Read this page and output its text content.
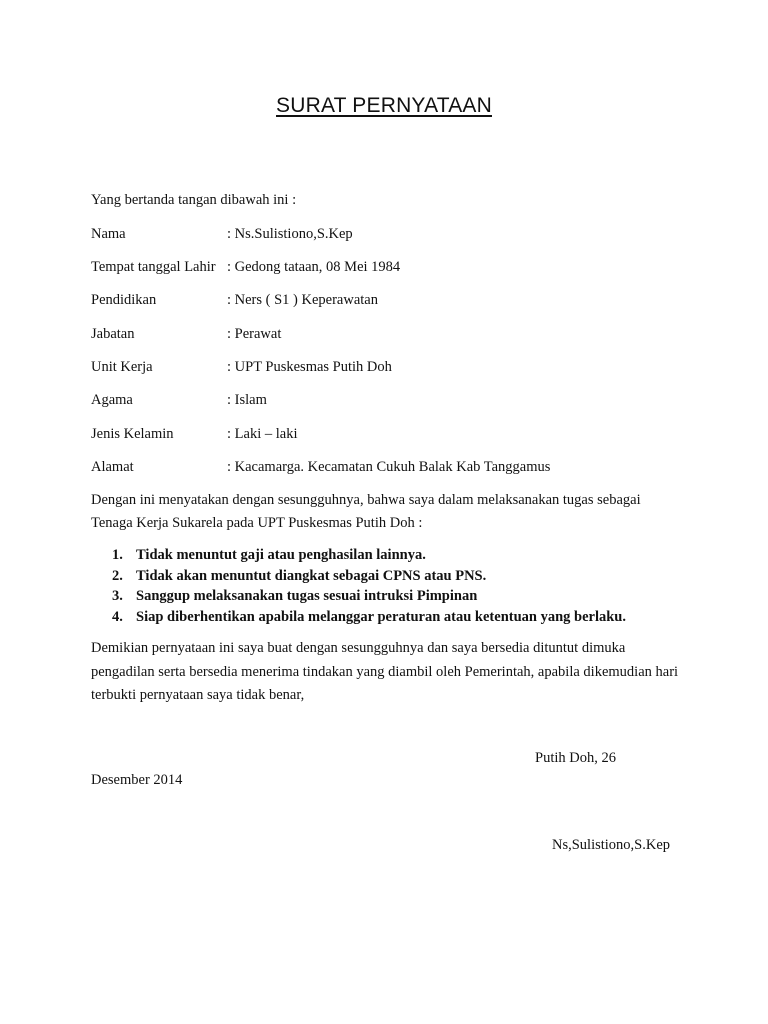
SURAT PERNYATAAN
Yang bertanda tangan dibawah ini :
Nama	: Ns.Sulistiono,S.Kep
Tempat tanggal Lahir : Gedong tataan, 08 Mei 1984
Pendidikan	: Ners ( S1 ) Keperawatan
Jabatan	: Perawat
Unit Kerja	: UPT Puskesmas Putih Doh
Agama	: Islam
Jenis Kelamin	: Laki – laki
Alamat	: Kacamarga. Kecamatan Cukuh Balak Kab Tanggamus
Dengan ini menyatakan dengan sesungguhnya, bahwa saya dalam melaksanakan tugas sebagai Tenaga Kerja Sukarela pada UPT Puskesmas Putih Doh :
1. Tidak menuntut gaji atau penghasilan lainnya.
2. Tidak akan menuntut diangkat sebagai CPNS atau PNS.
3. Sanggup melaksanakan tugas sesuai intruksi Pimpinan
4. Siap diberhentikan apabila melanggar peraturan atau ketentuan yang berlaku.
Demikian pernyataan ini saya buat dengan sesungguhnya dan saya bersedia dituntut dimuka pengadilan serta bersedia menerima tindakan yang diambil oleh Pemerintah, apabila dikemudian hari terbukti pernyataan saya tidak benar,
Putih Doh, 26
Desember 2014
Ns,Sulistiono,S.Kep
